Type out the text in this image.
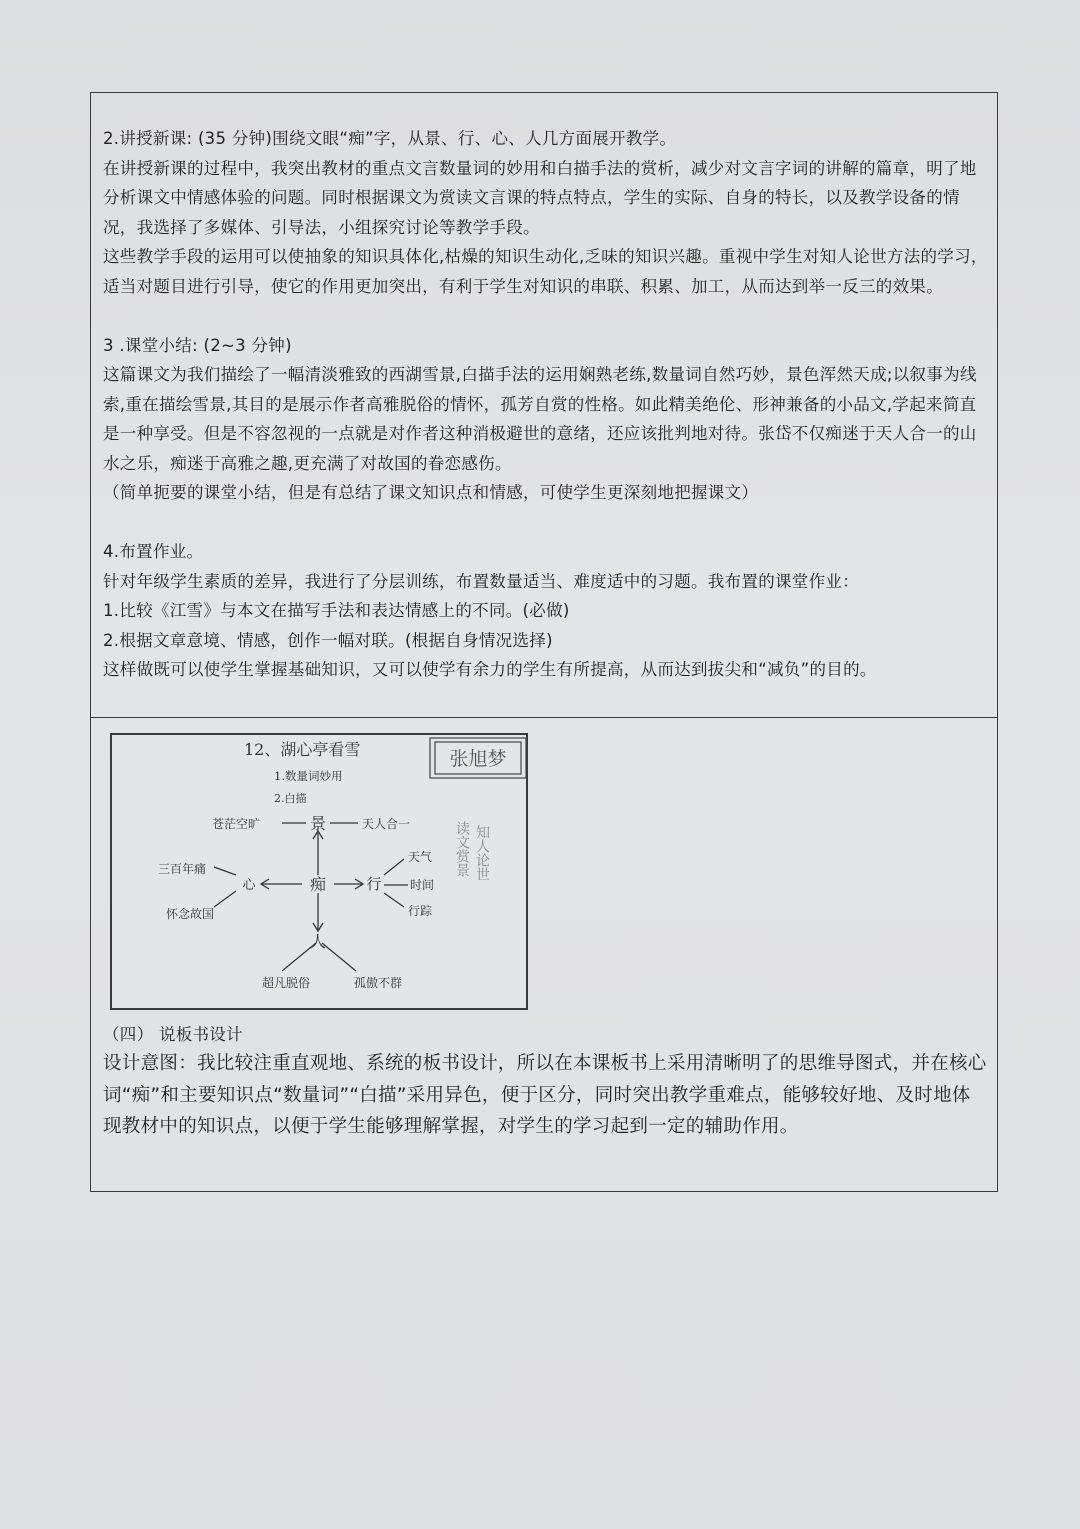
2.讲授新课: (35 分钟)围绕文眼“痴”字，从景、行、心、人几方面展开教学。

在讲授新课的过程中，我突出教材的重点文言数量词的妙用和白描手法的赏析，减少对文言字词的讲解的篇章，明了地分析课文中情感体验的问题。同时根据课文为赏读文言课的特点特点，学生的实际、自身的特长，以及教学设备的情况，我选择了多媒体、引导法，小组探究讨论等教学手段。

这些教学手段的运用可以使抽象的知识具体化,枯燥的知识生动化,乏味的知识兴趣。重视中学生对知人论世方法的学习，适当对题目进行引导，使它的作用更加突出，有利于学生对知识的串联、积累、加工，从而达到举一反三的效果。

3 .课堂小结: (2~3 分钟)

这篇课文为我们描绘了一幅清淡雅致的西湖雪景,白描手法的运用娴熟老练,数量词自然巧妙，景色浑然天成;以叙事为线索,重在描绘雪景,其目的是展示作者高雅脱俗的情怀，孤芳自赏的性格。如此精美绝伦、形神兼备的小品文,学起来简直是一种享受。但是不容忽视的一点就是对作者这种消极避世的意绪，还应该批判地对待。张岱不仅痴迷于天人合一的山水之乐，痴迷于高雅之趣,更充满了对故国的眷恋感伤。

（简单扼要的课堂小结，但是有总结了课文知识点和情感，可使学生更深刻地把握课文）

4.布置作业。

针对年级学生素质的差异，我进行了分层训练，布置数量适当、难度适中的习题。我布置的课堂作业：

1.比较《江雪》与本文在描写手法和表达情感上的不同。(必做)

2.根据文章意境、情感，创作一幅对联。(根据自身情况选择)

这样做既可以使学生掌握基础知识，又可以使学有余力的学生有所提高，从而达到拔尖和“减负”的目的。

张旭梦
12、湖心亭看雪
1.数量词妙用
2.白描
景
痴
心	行
人
苍茫空旷	天人合一
三百年痛
怀念故国
天气
时间
行踪
超凡脱俗	孤傲不群
知人论世
读文赏景

（四） 说板书设计

设计意图：我比较注重直观地、系统的板书设计，所以在本课板书上采用清晰明了的思维导图式，并在核心词“痴”和主要知识点“数量词”“白描”采用异色，便于区分，同时突出教学重难点，能够较好地、及时地体现教材中的知识点，以便于学生能够理解掌握，对学生的学习起到一定的辅助作用。
